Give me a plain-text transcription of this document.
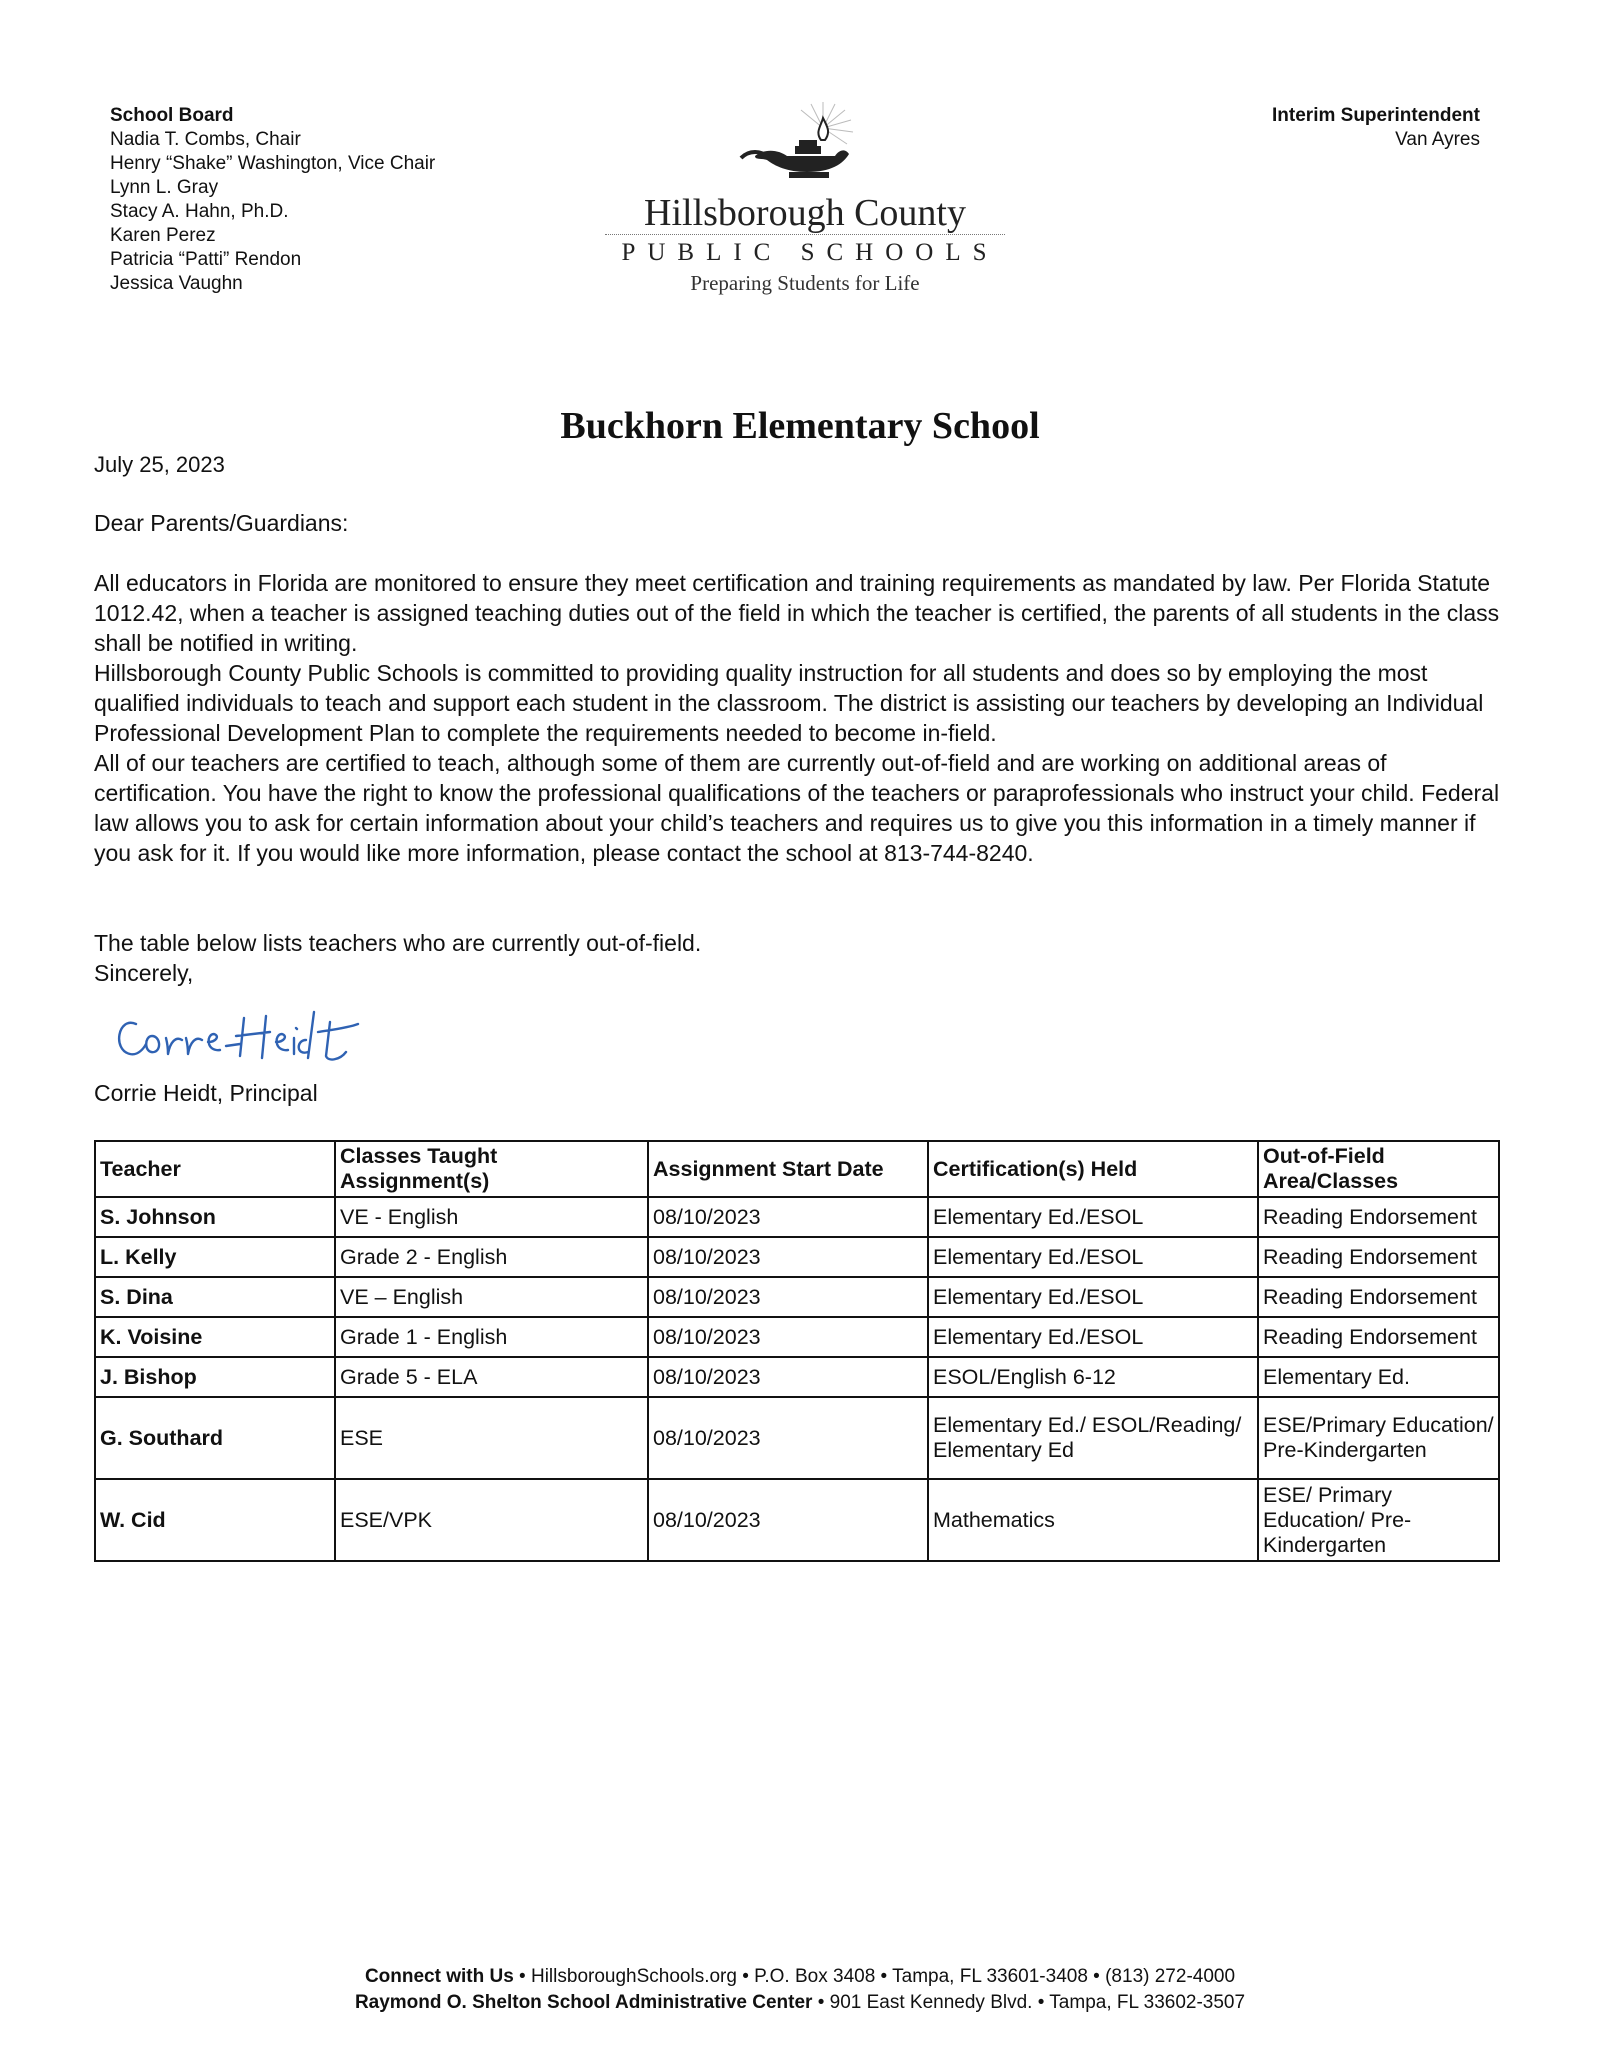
School Board
Nadia T. Combs, Chair
Henry “Shake” Washington, Vice Chair
Lynn L. Gray
Stacy A. Hahn, Ph.D.
Karen Perez
Patricia “Patti” Rendon
Jessica Vaughn
Interim Superintendent
Van Ayres
Hillsborough County
PUBLIC SCHOOLS
Preparing Students for Life
Buckhorn Elementary School
July 25, 2023
Dear Parents/Guardians:

All educators in Florida are monitored to ensure they meet certification and training requirements as mandated by law. Per Florida Statute 1012.42, when a teacher is assigned teaching duties out of the field in which the teacher is certified, the parents of all students in the class shall be notified in writing.

Hillsborough County Public Schools is committed to providing quality instruction for all students and does so by employing the most qualified individuals to teach and support each student in the classroom. The district is assisting our teachers by developing an Individual Professional Development Plan to complete the requirements needed to become in-field.

All of our teachers are certified to teach, although some of them are currently out-of-field and are working on additional areas of certification. You have the right to know the professional qualifications of the teachers or paraprofessionals who instruct your child. Federal law allows you to ask for certain information about your child’s teachers and requires us to give you this information in a timely manner if you ask for it. If you would like more information, please contact the school at 813-744-8240.

The table below lists teachers who are currently out-of-field.

Sincerely,

Corrie Heidt, Principal
Teacher	Classes Taught Assignment(s)	Assignment Start Date	Certification(s) Held	Out-of-Field Area/Classes
S. Johnson	VE - English	08/10/2023	Elementary Ed./ESOL	Reading Endorsement
L. Kelly	Grade 2 - English	08/10/2023	Elementary Ed./ESOL	Reading Endorsement
S. Dina	VE – English	08/10/2023	Elementary Ed./ESOL	Reading Endorsement
K. Voisine	Grade 1 - English	08/10/2023	Elementary Ed./ESOL	Reading Endorsement
J. Bishop	Grade 5 - ELA	08/10/2023	ESOL/English 6-12	Elementary Ed.
G. Southard	ESE	08/10/2023	Elementary Ed./ ESOL/Reading/ Elementary Ed	ESE/Primary Education/ Pre-Kindergarten
W. Cid	ESE/VPK	08/10/2023	Mathematics	ESE/ Primary Education/ Pre-Kindergarten
Connect with Us • HillsboroughSchools.org • P.O. Box 3408 • Tampa, FL 33601-3408 • (813) 272-4000
Raymond O. Shelton School Administrative Center • 901 East Kennedy Blvd. • Tampa, FL 33602-3507
